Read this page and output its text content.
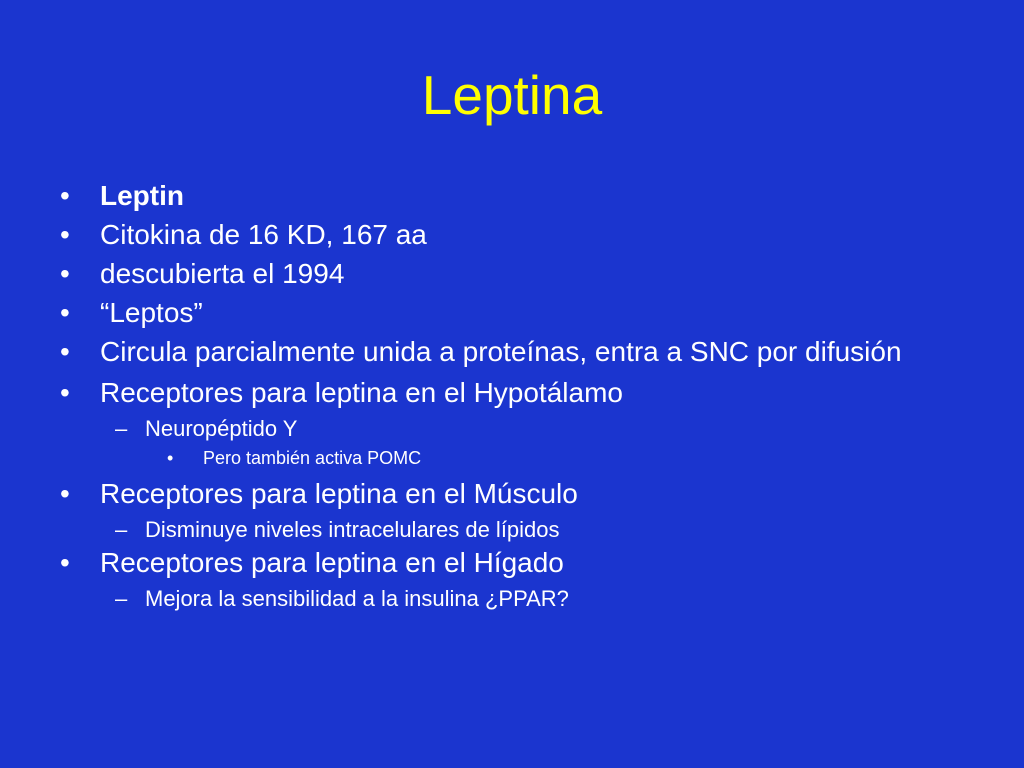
Leptina
• Leptin
• Citokina de 16 KD, 167 aa
• descubierta el 1994
• “Leptos”
• Circula parcialmente unida a proteínas, entra a SNC por difusión
• Receptores para leptina en el Hypotálamo
– Neuropéptido Y
• Pero también activa POMC
• Receptores para leptina en el Músculo
– Disminuye niveles intracelulares de lípidos
• Receptores para leptina en el Hígado
– Mejora la sensibilidad a la insulina ¿PPAR?
